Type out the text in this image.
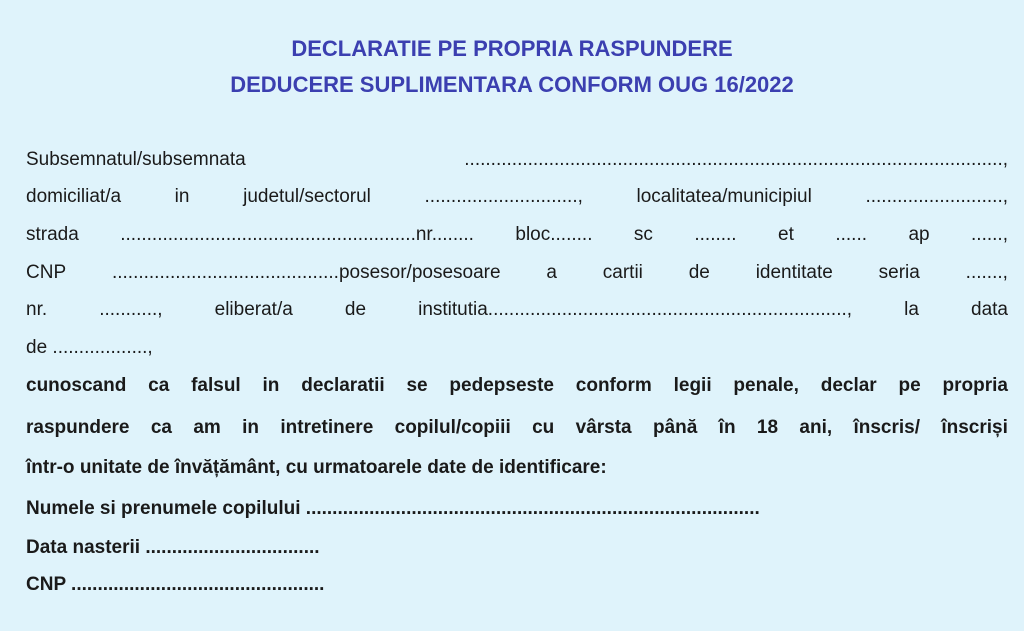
DECLARATIE PE PROPRIA RASPUNDERE
DEDUCERE SUPLIMENTARA CONFORM OUG 16/2022
Subsemnatul/subsemnata	......................................................................................................,
domiciliat/a	in	judetul/sectorul	.............................,	localitatea/municipiul	..........................,
strada ........................................................nr........ bloc........ sc ........ et ...... ap ......,
CNP ...........................................posesor/posesoare a cartii de identitate seria .......,
nr.	...........,	eliberat/a	de	institutia....................................................................,	la	data
de ..................,
cunoscand ca falsul in declaratii se pedepseste conform legii penale, declar pe propria
raspundere ca am in intretinere copilul/copiii cu vârsta până în 18 ani, înscris/ înscriși
într-o unitate de învățământ, cu urmatoarele date de identificare:
Numele si prenumele copilului ......................................................................................
Data nasterii .................................
CNP ................................................
